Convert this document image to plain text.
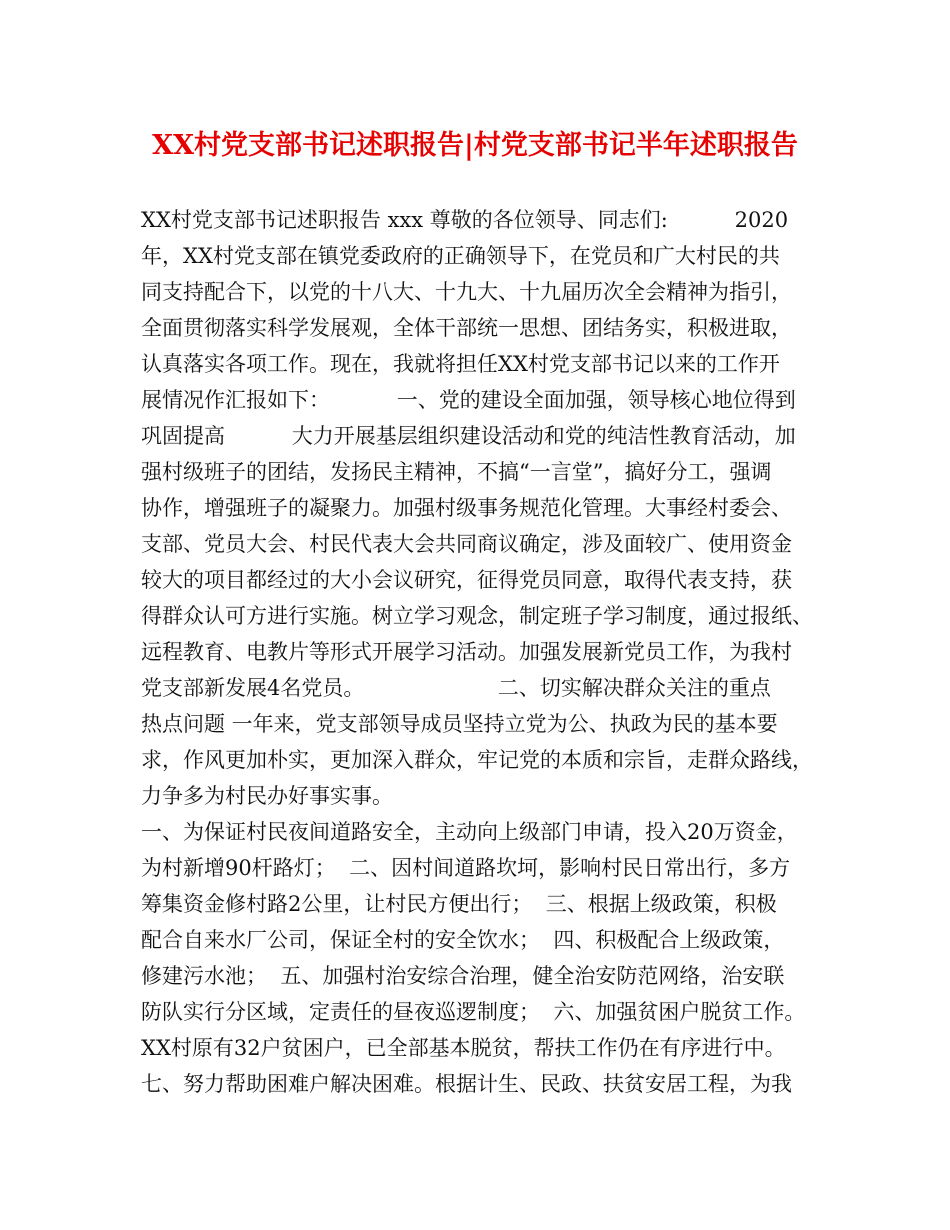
XX村党支部书记述职报告|村党支部书记半年述职报告
XX村党支部书记述职报告 xxx 尊敬的各位领导、同志们:          2020
年，XX村党支部在镇党委政府的正确领导下，在党员和广大村民的共
同支持配合下，以党的十八大、十九大、十九届历次全会精神为指引，
全面贯彻落实科学发展观，全体干部统一思想、团结务实，积极进取，
认真落实各项工作。现在，我就将担任XX村党支部书记以来的工作开
展情况作汇报如下：          一、党的建设全面加强，领导核心地位得到
巩固提高          大力开展基层组织建设活动和党的纯洁性教育活动，加
强村级班子的团结，发扬民主精神，不搞“一言堂”，搞好分工，强调
协作，增强班子的凝聚力。加强村级事务规范化管理。大事经村委会、
支部、党员大会、村民代表大会共同商议确定，涉及面较广、使用资金
较大的项目都经过的大小会议研究，征得党员同意，取得代表支持，获
得群众认可方进行实施。树立学习观念，制定班子学习制度，通过报纸、
远程教育、电教片等形式开展学习活动。加强发展新党员工作，为我村
党支部新发展4名党员。                    二、切实解决群众关注的重点
热点问题 一年来，党支部领导成员坚持立党为公、执政为民的基本要
求，作风更加朴实，更加深入群众，牢记党的本质和宗旨，走群众路线，
力争多为村民办好事实事。
一、为保证村民夜间道路安全，主动向上级部门申请，投入20万资金，
为村新增90杆路灯；  二、因村间道路坎坷，影响村民日常出行，多方
筹集资金修村路2公里，让村民方便出行；  三、根据上级政策，积极
配合自来水厂公司，保证全村的安全饮水；  四、积极配合上级政策，
修建污水池；  五、加强村治安综合治理，健全治安防范网络，治安联
防队实行分区域，定责任的昼夜巡逻制度；  六、加强贫困户脱贫工作。
XX村原有32户贫困户，已全部基本脱贫，帮扶工作仍在有序进行中。
七、努力帮助困难户解决困难。根据计生、民政、扶贫安居工程，为我
